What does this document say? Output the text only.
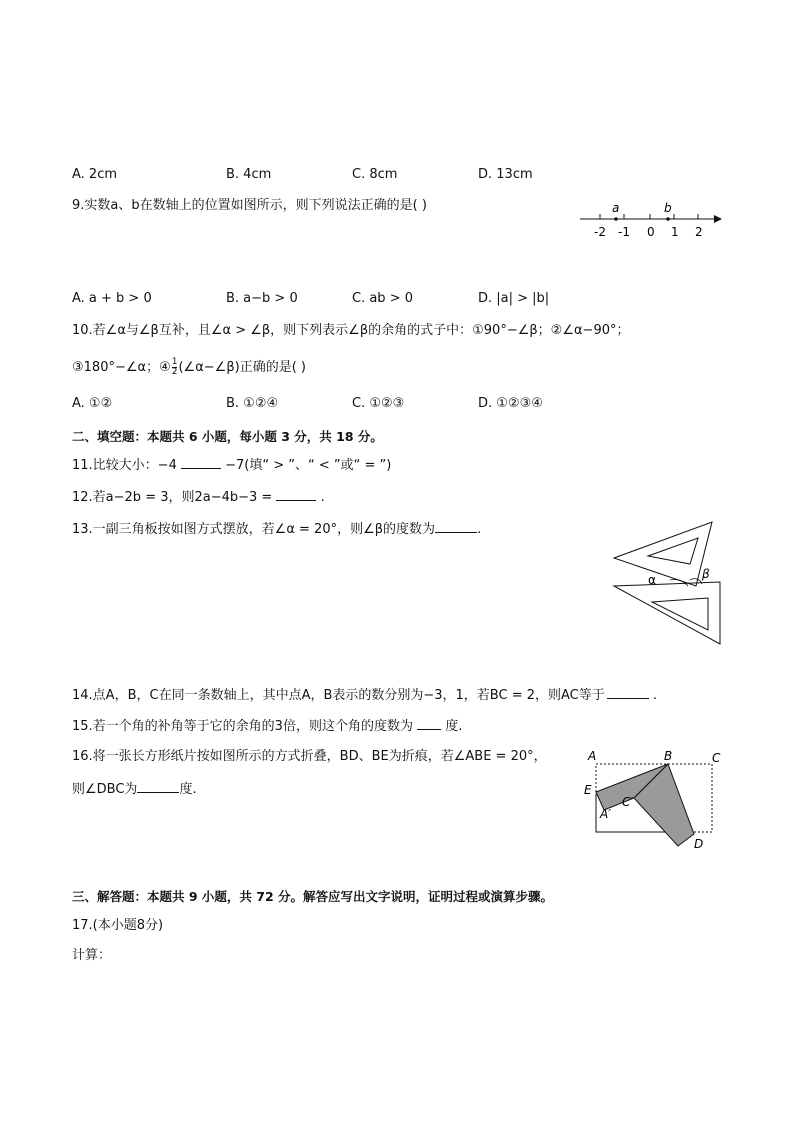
A. 2cm	B. 4cm	C. 8cm	D. 13cm
9.实数a、b在数轴上的位置如图所示，则下列说法正确的是( )	a	b
-2 -1 0 1 2
A. a + b > 0	B. a−b > 0	C. ab > 0	D. |a| > |b|
10.若∠α与∠β互补，且∠α > ∠β，则下列表示∠β的余角的式子中：①90°−∠β；②∠α−90°；
③180°−∠α；④ $\frac{1}{2}$ (∠α−∠β)正确的是( )
A. ①②	B. ①②④	C. ①②③	D. ①②③④
二、填空题：本题共 6 小题，每小题 3 分，共 18 分。
11.比较大小：−4	−7(填“ > ”、“ < ”或“ = ”)
12.若a−2b = 3，则2a−4b−3 =	.
13.一副三角板按如图方式摆放，若∠α = 20°，则∠β的度数为	.
α	β
14.点A，B，C在同一条数轴上，其中点A，B表示的数分别为−3，1，若BC = 2，则AC等于	.
15.若一个角的补角等于它的余角的3倍，则这个角的度数为 度.
16.将一张长方形纸片按如图所示的方式折叠，BD、BE为折痕，若∠ABE = 20°，
则∠DBC为	度.
A	B	C
E
C′
A′
D
三、解答题：本题共 9 小题，共 72 分。解答应写出文字说明，证明过程或演算步骤。
17.(本小题8分)
计算：
